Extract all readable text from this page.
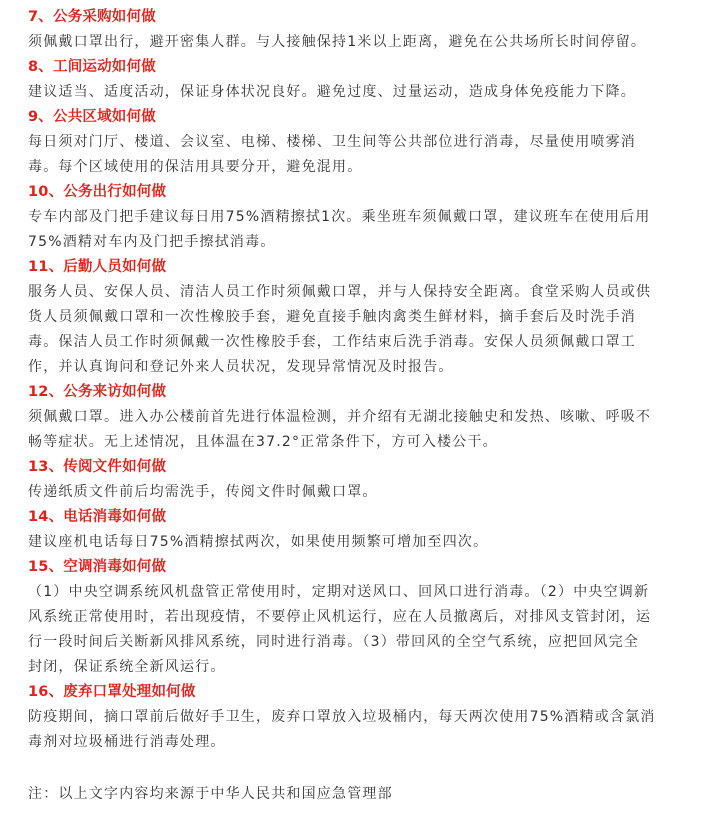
7、公务采购如何做
须佩戴口罩出行，避开密集人群。与人接触保持1米以上距离，避免在公共场所长时间停留。
8、工间运动如何做
建议适当、适度活动，保证身体状况良好。避免过度、过量运动，造成身体免疫能力下降。
9、公共区域如何做
每日须对门厅、楼道、会议室、电梯、楼梯、卫生间等公共部位进行消毒，尽量使用喷雾消
毒。每个区域使用的保洁用具要分开，避免混用。
10、公务出行如何做
专车内部及门把手建议每日用75%酒精擦拭1次。乘坐班车须佩戴口罩，建议班车在使用后用
75%酒精对车内及门把手擦拭消毒。
11、后勤人员如何做
服务人员、安保人员、清洁人员工作时须佩戴口罩，并与人保持安全距离。食堂采购人员或供
货人员须佩戴口罩和一次性橡胶手套，避免直接手触肉禽类生鲜材料，摘手套后及时洗手消
毒。保洁人员工作时须佩戴一次性橡胶手套，工作结束后洗手消毒。安保人员须佩戴口罩工
作，并认真询问和登记外来人员状况，发现异常情况及时报告。
12、公务来访如何做
须佩戴口罩。进入办公楼前首先进行体温检测，并介绍有无湖北接触史和发热、咳嗽、呼吸不
畅等症状。无上述情况，且体温在37.2°正常条件下，方可入楼公干。
13、传阅文件如何做
传递纸质文件前后均需洗手，传阅文件时佩戴口罩。
14、电话消毒如何做
建议座机电话每日75%酒精擦拭两次，如果使用频繁可增加至四次。
15、空调消毒如何做
（1）中央空调系统风机盘管正常使用时，定期对送风口、回风口进行消毒。（2）中央空调新
风系统正常使用时，若出现疫情，不要停止风机运行，应在人员撤离后，对排风支管封闭，运
行一段时间后关断新风排风系统，同时进行消毒。（3）带回风的全空气系统，应把回风完全
封闭，保证系统全新风运行。
16、废弃口罩处理如何做
防疫期间，摘口罩前后做好手卫生，废弃口罩放入垃圾桶内，每天两次使用75%酒精或含氯消
毒剂对垃圾桶进行消毒处理。
注：以上文字内容均来源于中华人民共和国应急管理部
